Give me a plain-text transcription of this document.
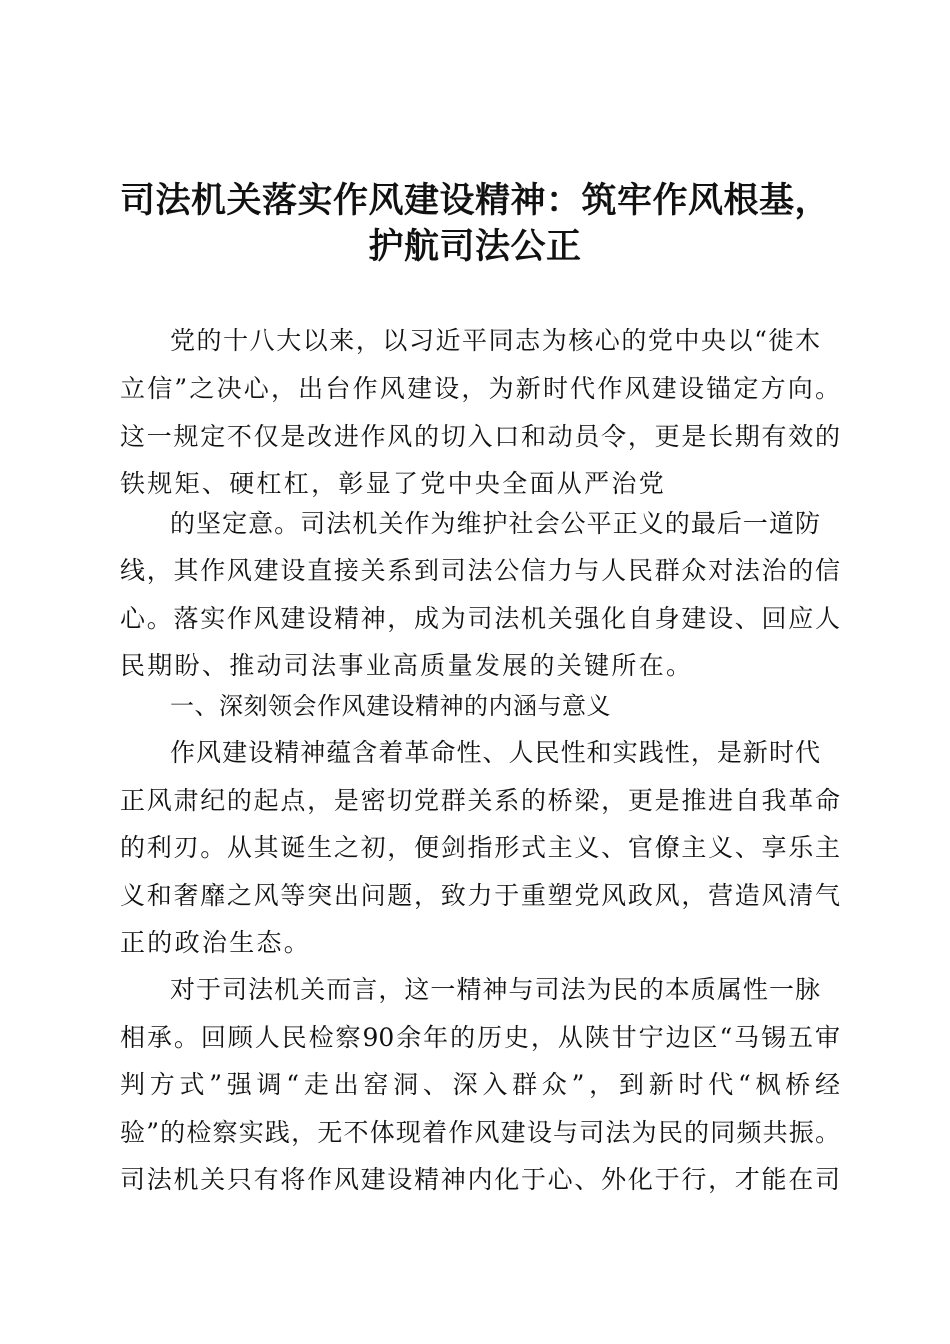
司法机关落实作风建设精神：筑牢作风根基，
护航司法公正

党的十八大以来，以习近平同志为核心的党中央以“徙木

立信”之决心，出台作风建设，为新时代作风建设锚定方向。

这一规定不仅是改进作风的切入口和动员令，更是长期有效的

铁规矩、硬杠杠，彰显了党中央全面从严治党

的坚定意。司法机关作为维护社会公平正义的最后一道防

线，其作风建设直接关系到司法公信力与人民群众对法治的信

心。落实作风建设精神，成为司法机关强化自身建设、回应人

民期盼、推动司法事业高质量发展的关键所在。

一、深刻领会作风建设精神的内涵与意义

作风建设精神蕴含着革命性、人民性和实践性，是新时代

正风肃纪的起点，是密切党群关系的桥梁，更是推进自我革命

的利刃。从其诞生之初，便剑指形式主义、官僚主义、享乐主

义和奢靡之风等突出问题，致力于重塑党风政风，营造风清气

正的政治生态。

对于司法机关而言，这一精神与司法为民的本质属性一脉

相承。回顾人民检察90余年的历史，从陕甘宁边区“马锡五审

判方式”强调“走出窑洞、深入群众”，到新时代“枫桥经

验”的检察实践，无不体现着作风建设与司法为民的同频共振。

司法机关只有将作风建设精神内化于心、外化于行，才能在司
